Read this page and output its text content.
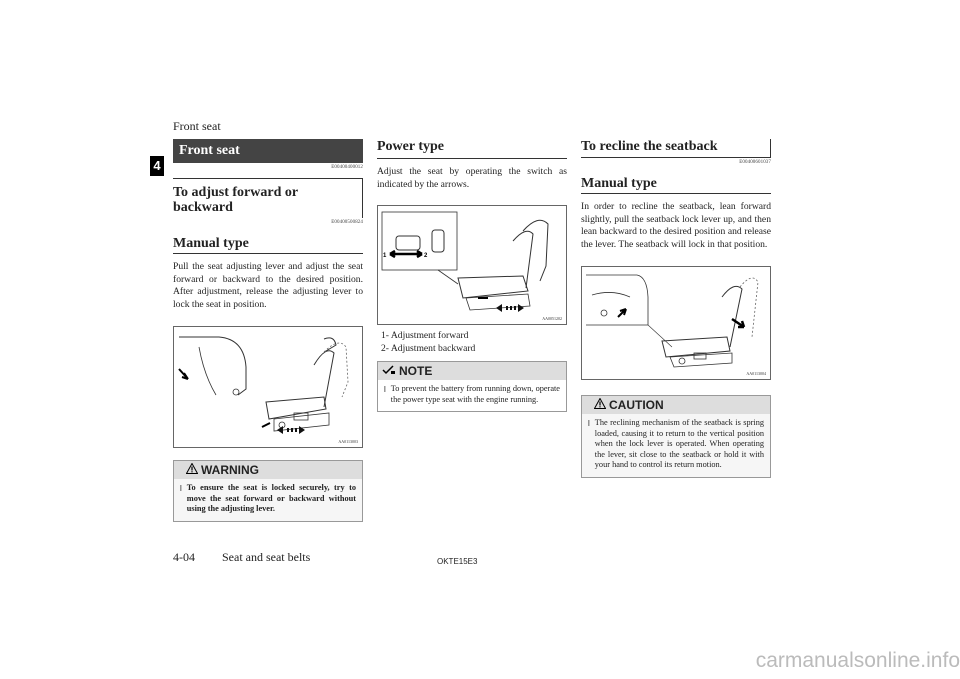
Front seat
4
Front seat
E00400400012
To adjust forward or backward
E00400500824
Manual type

Pull the seat adjusting lever and adjust the seat forward or backward to the desired position. After adjustment, release the adjusting lever to lock the seat in position.

AA0113003
WARNING
l To ensure the seat is locked securely, try to move the seat forward or backward without using the adjusting lever.
Power type

Adjust the seat by operating the switch as indicated by the arrows.

1	2
AA0051202
1- Adjustment forward
2- Adjustment backward
NOTE
l To prevent the battery from running down, operate the power type seat with the engine running.
To recline the seatback
E00400601037
Manual type

In order to recline the seatback, lean forward slightly, pull the seatback lock lever up, and then lean backward to the desired position and release the lever. The seatback will lock in that position.

AA0113004
CAUTION
l The reclining mechanism of the seatback is spring loaded, causing it to return to the vertical position when the lock lever is operated. When operating the lever, sit close to the seatback or hold it with your hand to control its return motion.
4-04 Seat and seat belts	OKTE15E3
carmanualsonline.info
